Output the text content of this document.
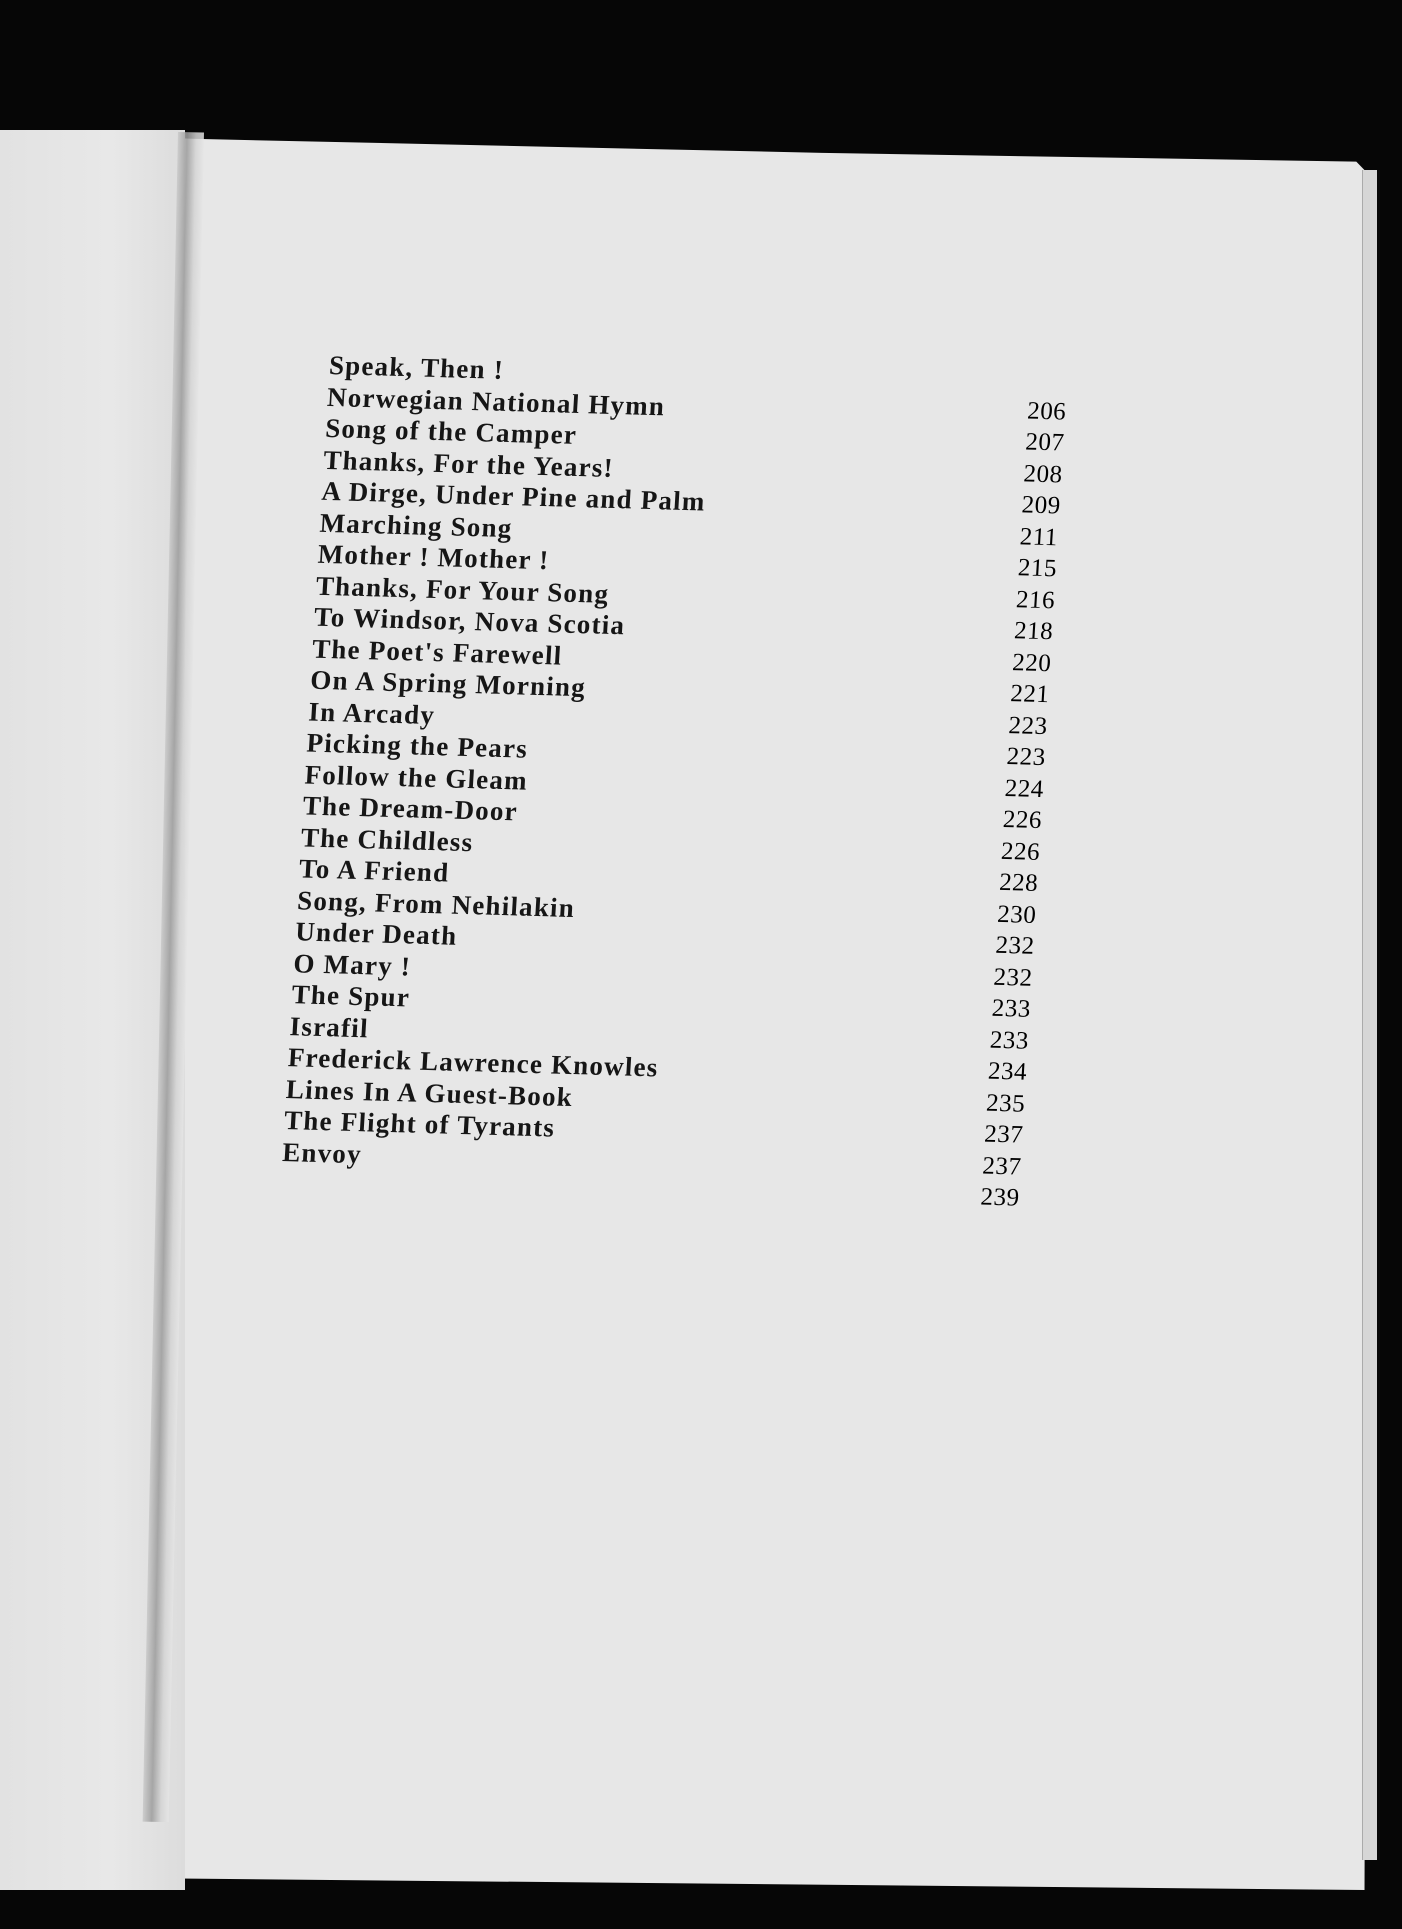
Speak, Then !
Norwegian National Hymn
Song of the Camper
Thanks, For the Years!
A Dirge, Under Pine and Palm
Marching Song
Mother ! Mother !
Thanks, For Your Song
To Windsor, Nova Scotia
The Poet's Farewell
On A Spring Morning
In Arcady
Picking the Pears
Follow the Gleam
The Dream-Door
The Childless
To A Friend
Song, From Nehilakin
Under Death
O Mary !
The Spur
Israfil
Frederick Lawrence Knowles
Lines In A Guest-Book
The Flight of Tyrants
Envoy
206
207
208
209
211
215
216
218
220
221
223
223
224
226
226
228
230
232
232
233
233
234
235
237
237
239
